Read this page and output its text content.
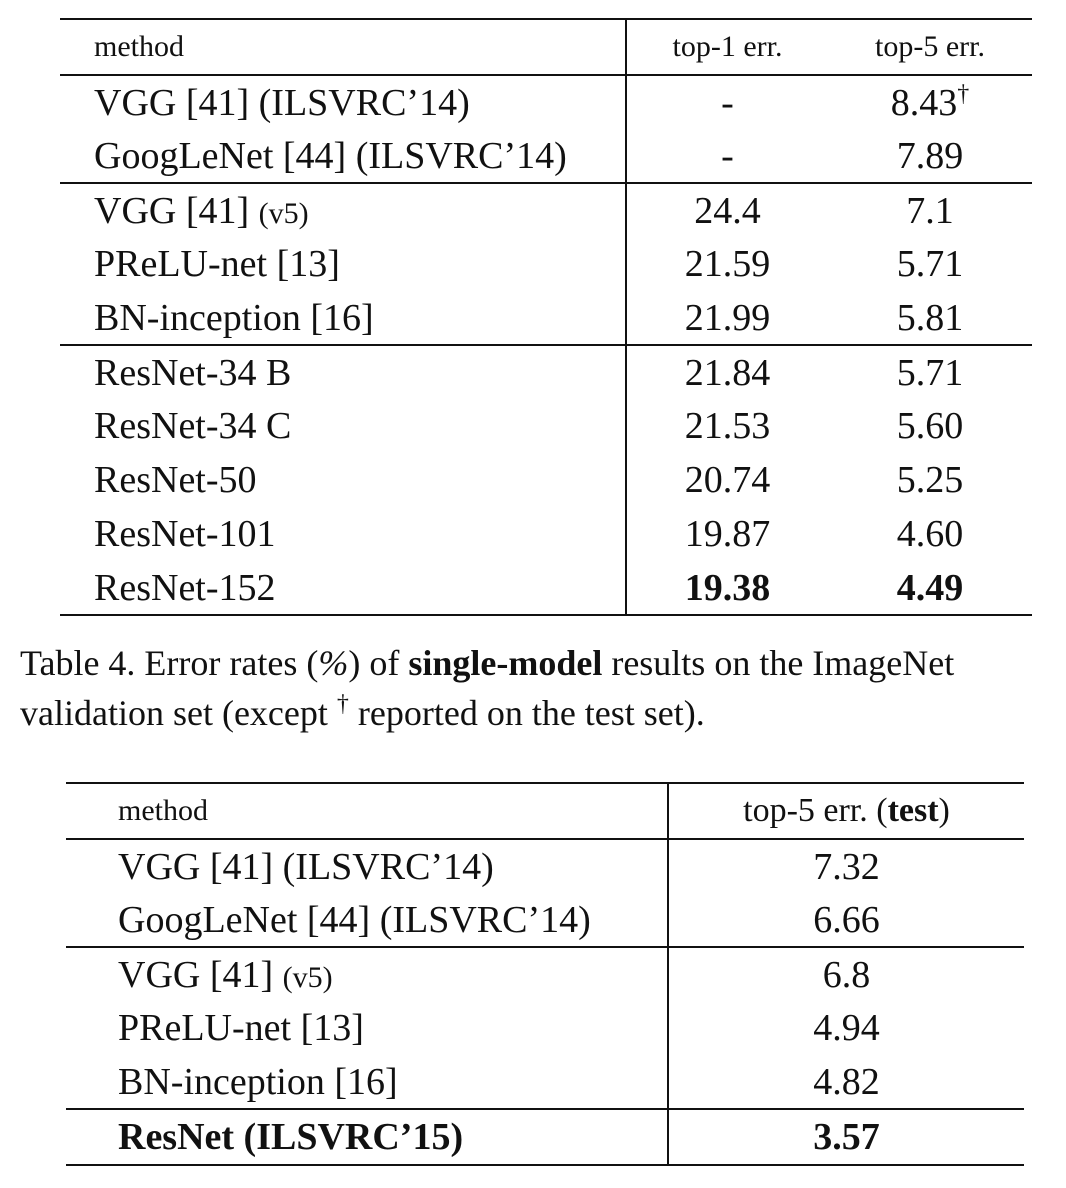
method	top-1 err.	top-5 err.
VGG [41] (ILSVRC’14)	-	8.43†
GoogLeNet [44] (ILSVRC’14)	-	7.89
VGG [41] (v5)	24.4	7.1
PReLU-net [13]	21.59	5.71
BN-inception [16]	21.99	5.81
ResNet-34 B	21.84	5.71
ResNet-34 C	21.53	5.60
ResNet-50	20.74	5.25
ResNet-101	19.87	4.60
ResNet-152	19.38	4.49
Table 4. Error rates (%) of single-model results on the ImageNet
validation set (except † reported on the test set).
method	top-5 err. (test)
VGG [41] (ILSVRC’14)	7.32
GoogLeNet [44] (ILSVRC’14)	6.66
VGG [41] (v5)	6.8
PReLU-net [13]	4.94
BN-inception [16]	4.82
ResNet (ILSVRC’15)	3.57
